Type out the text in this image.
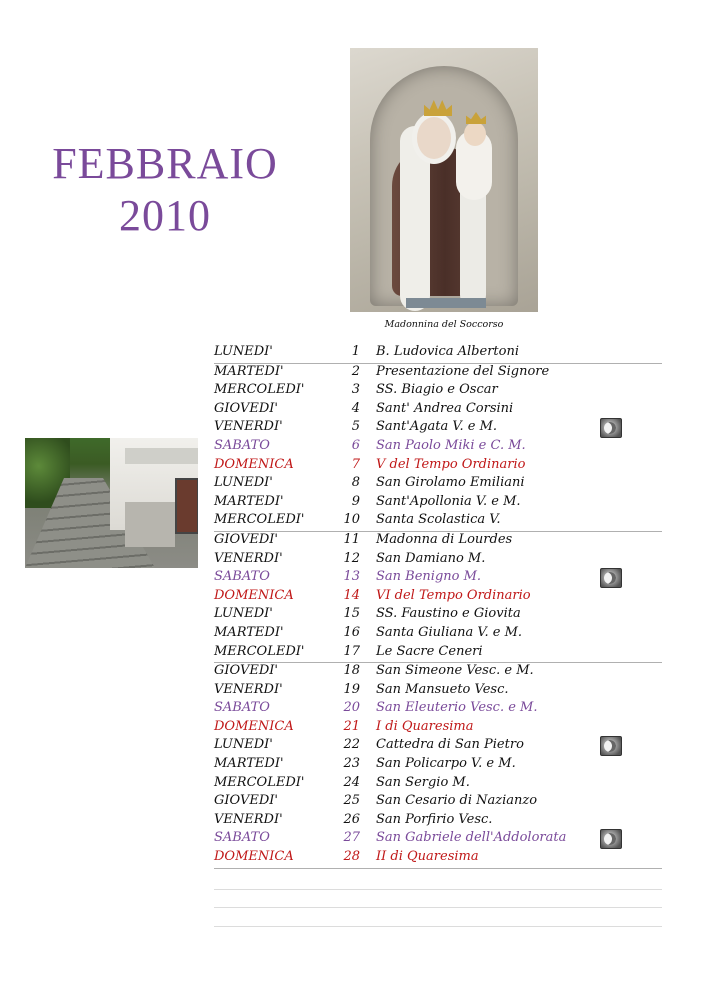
FEBBRAIO
2010
Madonnina del Soccorso
LUNEDI'	1 B. Ludovica Albertoni
MARTEDI'	2 Presentazione del Signore
MERCOLEDI'	3 SS. Biagio e Oscar
GIOVEDI'	4 Sant' Andrea Corsini
VENERDI'	5 Sant'Agata V. e M.
SABATO	6 San Paolo Miki e C. M.
DOMENICA	7 V del Tempo Ordinario
LUNEDI'	8 San Girolamo Emiliani
MARTEDI'	9 Sant'Apollonia V. e M.
MERCOLEDI'	10 Santa Scolastica V.
GIOVEDI'	11 Madonna di Lourdes
VENERDI'	12 San Damiano M.
SABATO	13 San Benigno M.
DOMENICA	14 VI del Tempo Ordinario
LUNEDI'	15 SS. Faustino e Giovita
MARTEDI'	16 Santa Giuliana V. e M.
MERCOLEDI'	17 Le Sacre Ceneri
GIOVEDI'	18 San Simeone Vesc. e M.
VENERDI'	19 San Mansueto Vesc.
SABATO	20 San Eleuterio Vesc. e M.
DOMENICA	21 I di Quaresima
LUNEDI'	22 Cattedra di San Pietro
MARTEDI'	23 San Policarpo V. e M.
MERCOLEDI'	24 San Sergio M.
GIOVEDI'	25 San Cesario di Nazianzo
VENERDI'	26 San Porfirio Vesc.
SABATO	27 San Gabriele dell'Addolorata
DOMENICA	28 II di Quaresima
